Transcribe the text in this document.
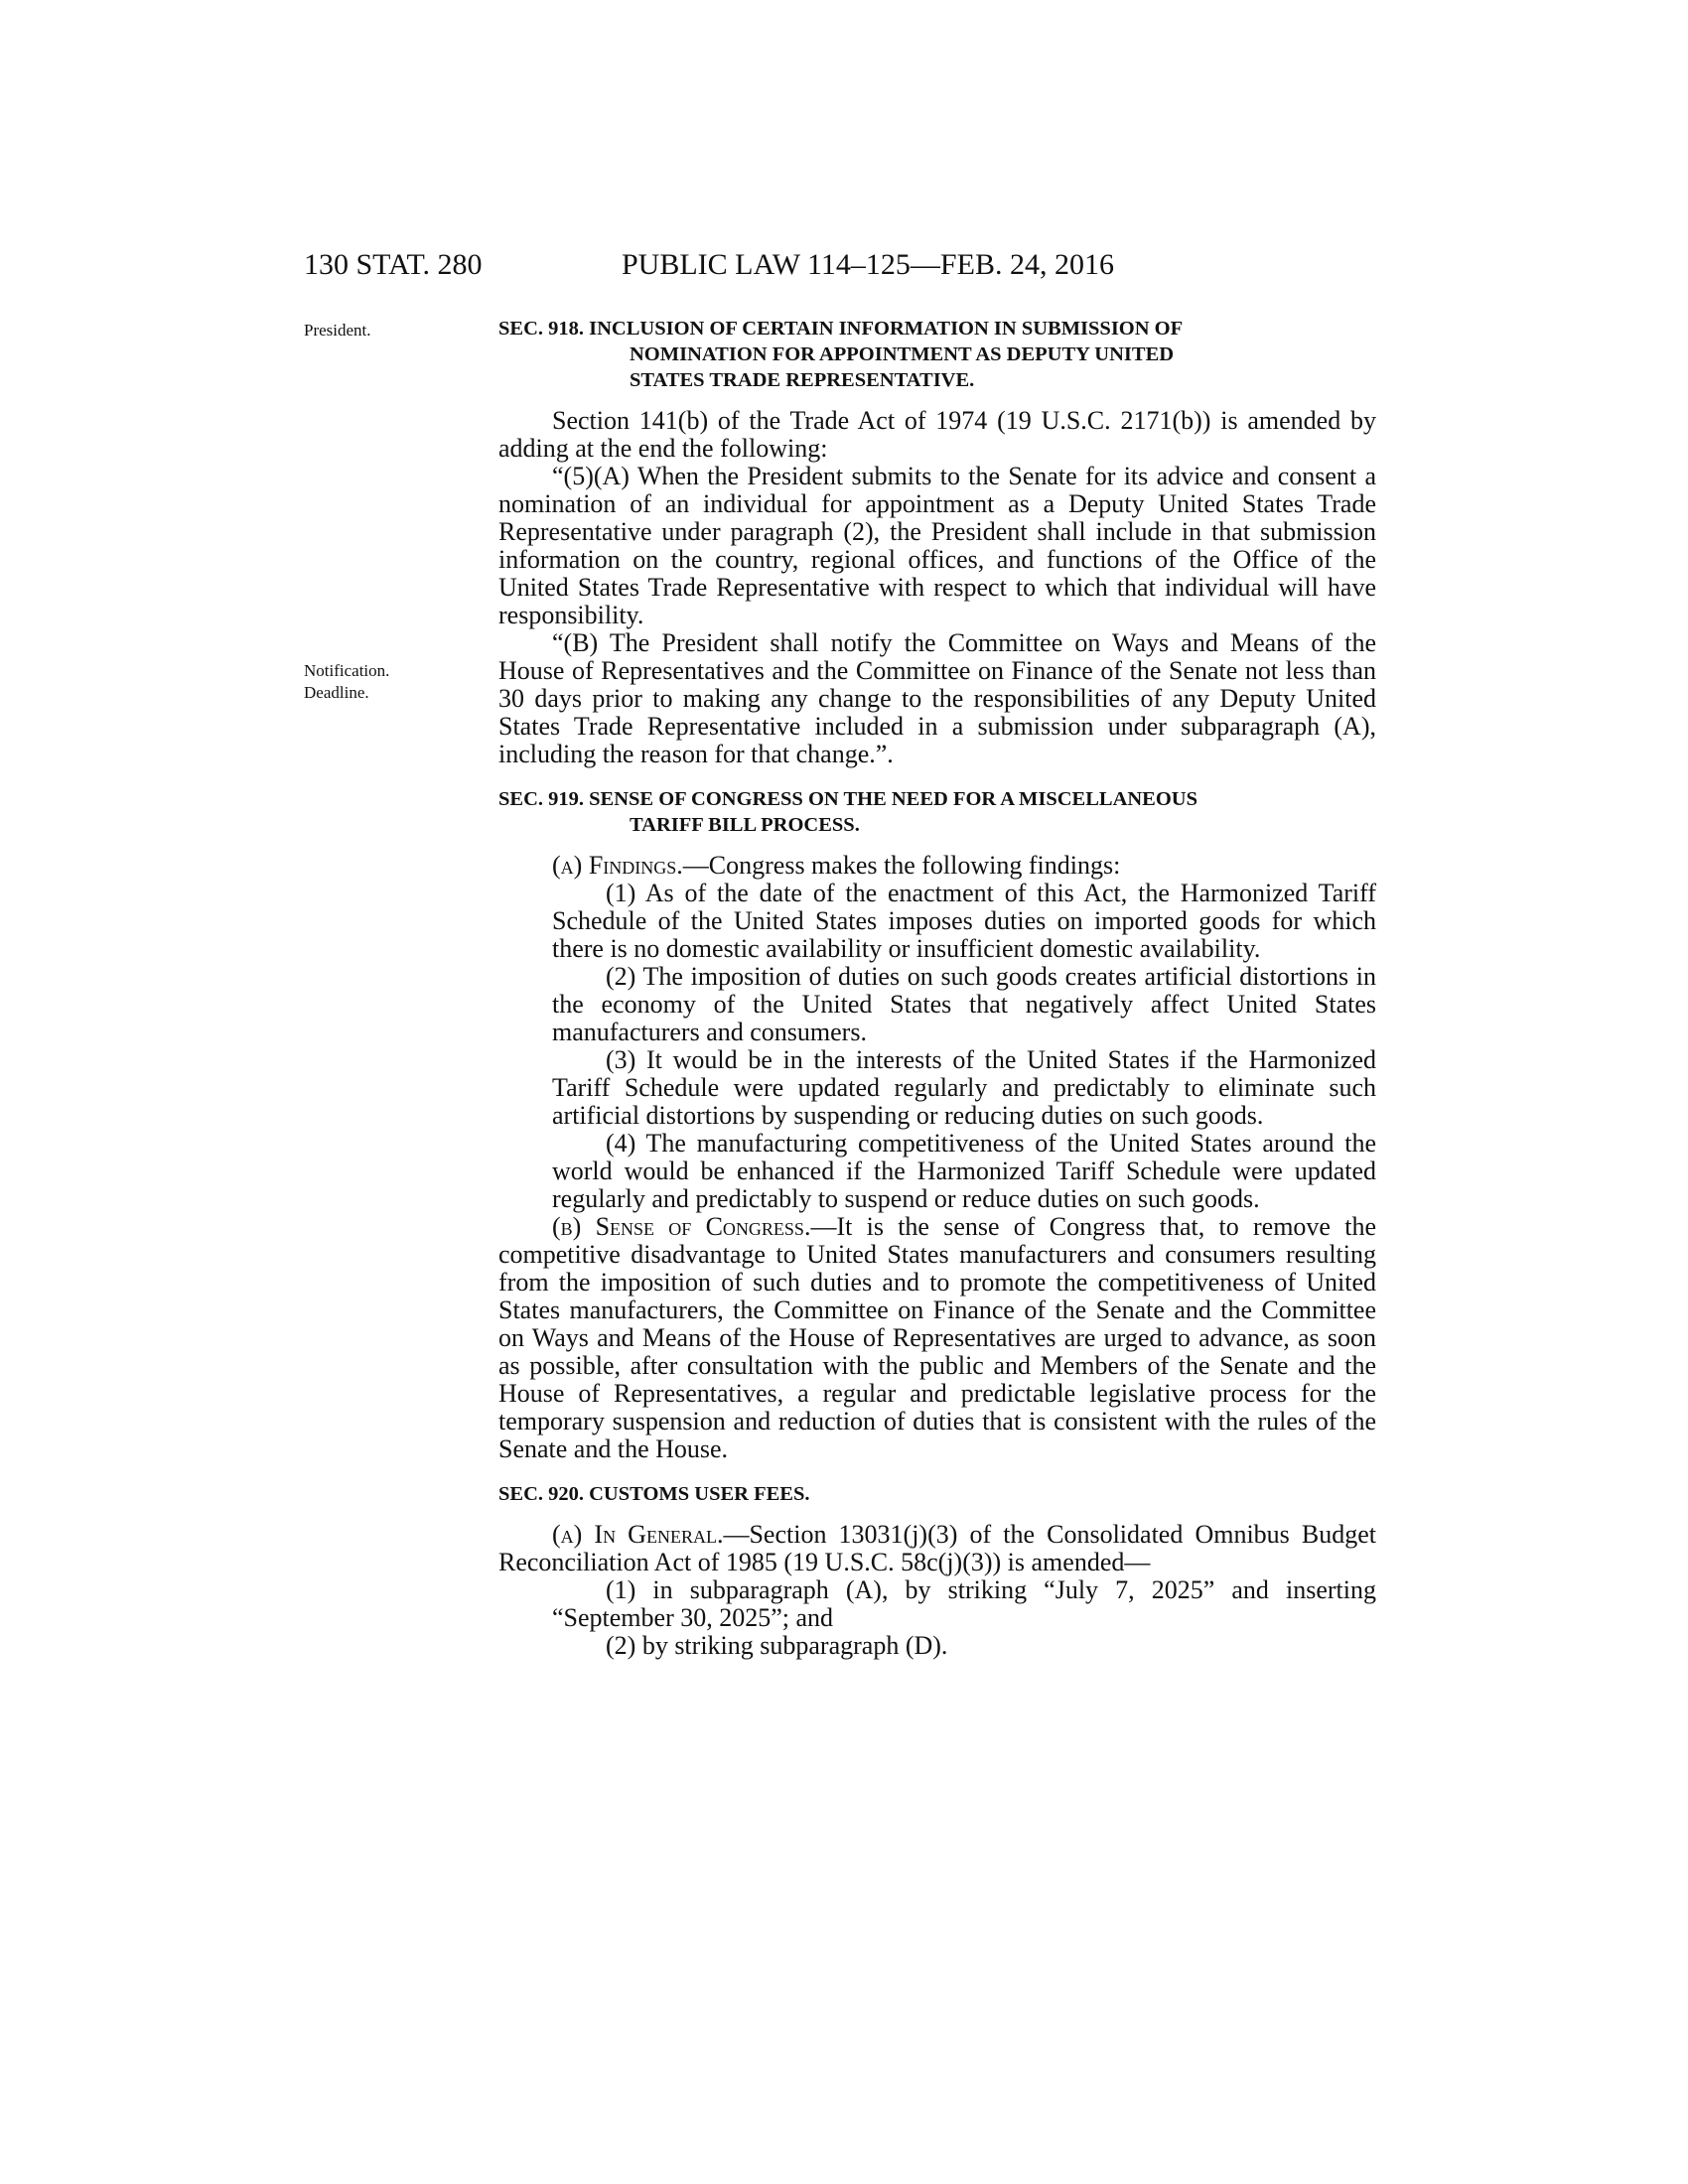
130 STAT. 280	PUBLIC LAW 114–125—FEB. 24, 2016
President.
Notification.
Deadline.
SEC. 918. INCLUSION OF CERTAIN INFORMATION IN SUBMISSION OF
NOMINATION FOR APPOINTMENT AS DEPUTY UNITED
STATES TRADE REPRESENTATIVE.

Section 141(b) of the Trade Act of 1974 (19 U.S.C. 2171(b)) is amended by adding at the end the following:

“(5)(A) When the President submits to the Senate for its advice and consent a nomination of an individual for appointment as a Deputy United States Trade Representative under paragraph (2), the President shall include in that submission information on the country, regional offices, and functions of the Office of the United States Trade Representative with respect to which that individual will have responsibility.

“(B) The President shall notify the Committee on Ways and Means of the House of Representatives and the Committee on Finance of the Senate not less than 30 days prior to making any change to the responsibilities of any Deputy United States Trade Representative included in a submission under subparagraph (A), including the reason for that change.”.

SEC. 919. SENSE OF CONGRESS ON THE NEED FOR A MISCELLANEOUS
TARIFF BILL PROCESS.

(a) Findings.—Congress makes the following findings:

(1) As of the date of the enactment of this Act, the Harmonized Tariff Schedule of the United States imposes duties on imported goods for which there is no domestic availability or insufficient domestic availability.

(2) The imposition of duties on such goods creates artificial distortions in the economy of the United States that negatively affect United States manufacturers and consumers.

(3) It would be in the interests of the United States if the Harmonized Tariff Schedule were updated regularly and predictably to eliminate such artificial distortions by suspending or reducing duties on such goods.

(4) The manufacturing competitiveness of the United States around the world would be enhanced if the Harmonized Tariff Schedule were updated regularly and predictably to suspend or reduce duties on such goods.

(b) Sense of Congress.—It is the sense of Congress that, to remove the competitive disadvantage to United States manufacturers and consumers resulting from the imposition of such duties and to promote the competitiveness of United States manufacturers, the Committee on Finance of the Senate and the Committee on Ways and Means of the House of Representatives are urged to advance, as soon as possible, after consultation with the public and Members of the Senate and the House of Representatives, a regular and predictable legislative process for the temporary suspension and reduction of duties that is consistent with the rules of the Senate and the House.

SEC. 920. CUSTOMS USER FEES.

(a) In General.—Section 13031(j)(3) of the Consolidated Omnibus Budget Reconciliation Act of 1985 (19 U.S.C. 58c(j)(3)) is amended—

(1) in subparagraph (A), by striking “July 7, 2025” and inserting “September 30, 2025”; and

(2) by striking subparagraph (D).
